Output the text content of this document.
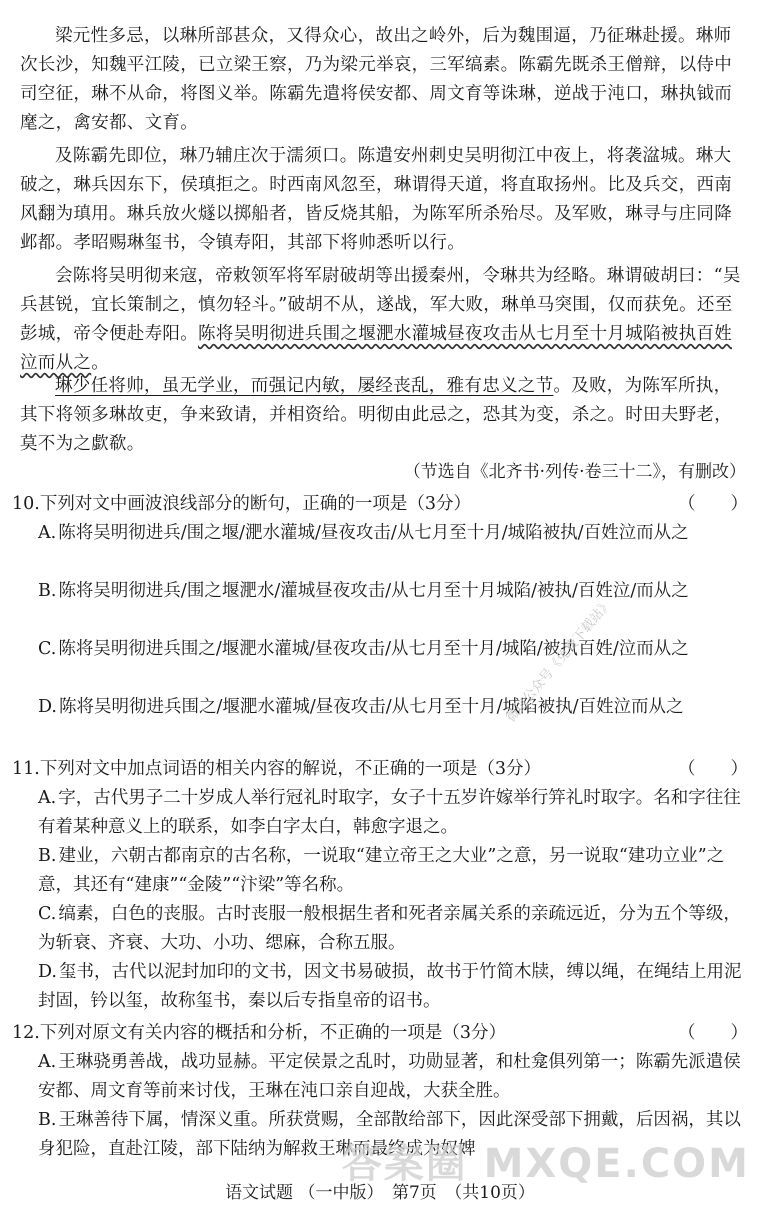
梁元性多忌，以琳所部甚众，又得众心，故出之岭外，后为魏围逼，乃征琳赴援。琳师次长沙，知魏平江陵，已立梁王察，乃为梁元举哀，三军缟素。陈霸先既杀王僧辩，以侍中司空征，琳不从命，将图义举。陈霸先遣将侯安都、周文育等诛琳，逆战于沌口，琳执钺而麾之，禽安都、文育。

及陈霸先即位，琳乃辅庄次于濡须口。陈遣安州刺史吴明彻江中夜上，将袭湓城。琳大破之，琳兵因东下，侯瑱拒之。时西南风忽至，琳谓得天道，将直取扬州。比及兵交，西南风翻为瑱用。琳兵放火燧以掷船者，皆反烧其船，为陈军所杀殆尽。及军败，琳寻与庄同降邺都。孝昭赐琳玺书，令镇寿阳，其部下将帅悉听以行。

会陈将吴明彻来寇，帝敕领军将军尉破胡等出援秦州，令琳共为经略。琳谓破胡曰：“吴兵甚锐，宜长策制之，慎勿轻斗。”破胡不从，遂战，军大败，琳单马突围，仅而获免。还至彭城，帝令便赴寿阳。陈将吴明彻进兵围之堰淝水灌城昼夜攻击从七月至十月城陷被执百姓泣而从之。

琳少任将帅，虽无学业，而强记内敏，屡经丧乱，雅有忠义之节。及败，为陈军所执，其下将领多琳故吏，争来致请，并相资给。明彻由此忌之，恐其为变，杀之。时田夫野老，莫不为之歔欷。

（节选自《北齐书·列传·卷三十二》，有删改）
10.下列对文中画波浪线部分的断句，正确的一项是（3分）	（　　）
A. 陈将吴明彻进兵/围之堰/淝水灌城/昼夜攻击/从七月至十月/城陷被执/百姓泣而从之
B. 陈将吴明彻进兵/围之堰淝水/灌城昼夜攻击/从七月至十月城陷/被执/百姓泣/而从之
C. 陈将吴明彻进兵围之/堰淝水灌城/昼夜攻击/从七月至十月/城陷/被执百姓/泣而从之
D. 陈将吴明彻进兵围之/堰淝水灌城/昼夜攻击/从七月至十月/城陷被执/百姓泣而从之
11.下列对文中加点词语的相关内容的解说，不正确的一项是（3分）	（　　）
A. 字，古代男子二十岁成人举行冠礼时取字，女子十五岁许嫁举行笄礼时取字。名和字往往有着某种意义上的联系，如李白字太白，韩愈字退之。
B. 建业，六朝古都南京的古名称，一说取“建立帝王之大业”之意，另一说取“建功立业”之意，其还有“建康”“金陵”“汴梁”等名称。
C. 缟素，白色的丧服。古时丧服一般根据生者和死者亲属关系的亲疏远近，分为五个等级，为斩衰、齐衰、大功、小功、缌麻，合称五服。
D. 玺书，古代以泥封加印的文书，因文书易破损，故书于竹简木牍，缚以绳，在绳结上用泥封固，钤以玺，故称玺书，秦以后专指皇帝的诏书。
12.下列对原文有关内容的概括和分析，不正确的一项是（3分）	（　　）
A. 王琳骁勇善战，战功显赫。平定侯景之乱时，功勋显著，和杜龛俱列第一；陈霸先派遣侯安都、周文育等前来讨伐，王琳在沌口亲自迎战，大获全胜。
B. 王琳善待下属，情深义重。所获赏赐，全部散给部下，因此深受部下拥戴，后因祸，其以身犯险，直赴江陵，部下陆纳为解救王琳而最终成为奴婢
微信公众号《免费下载站》
答案圈 MXQE.COM
语文试题 （一中版）　第7页　（共10页）
